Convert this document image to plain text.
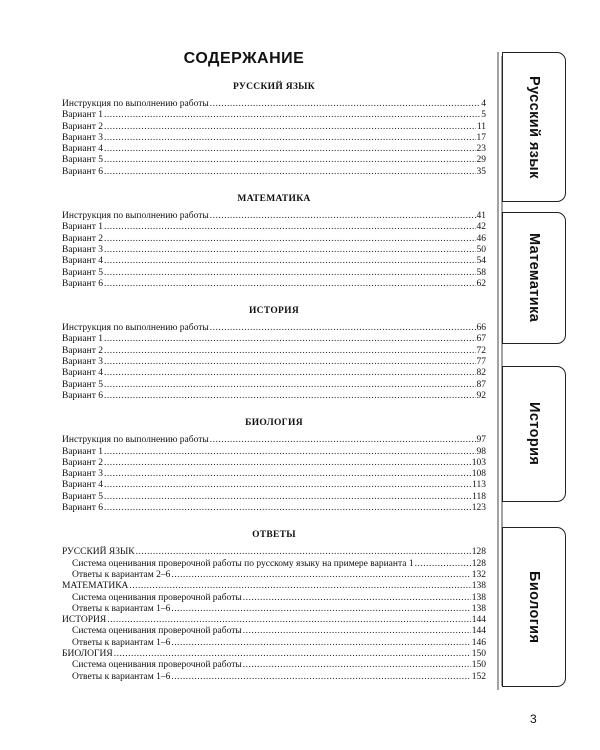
СОДЕРЖАНИЕ
РУССКИЙ ЯЗЫК
Инструкция по выполнению работы .....	4
Вариант 1 .....	5
Вариант 2 .....	11
Вариант 3 .....	17
Вариант 4 .....	23
Вариант 5 .....	29
Вариант 6 .....	35
МАТЕМАТИКА
Инструкция по выполнению работы .....	41
Вариант 1 .....	42
Вариант 2 .....	46
Вариант 3 .....	50
Вариант 4 .....	54
Вариант 5 .....	58
Вариант 6 .....	62
ИСТОРИЯ
Инструкция по выполнению работы .....	66
Вариант 1 .....	67
Вариант 2 .....	72
Вариант 3 .....	77
Вариант 4 .....	82
Вариант 5 .....	87
Вариант 6 .....	92
БИОЛОГИЯ
Инструкция по выполнению работы .....	97
Вариант 1 .....	98
Вариант 2 .....	103
Вариант 3 .....	108
Вариант 4 .....	113
Вариант 5 .....	118
Вариант 6 .....	123
ОТВЕТЫ
РУССКИЙ ЯЗЫК .....	128
Система оценивания проверочной работы по русскому языку на примере варианта 1 .....	128
Ответы к вариантам 2–6 .....	132
МАТЕМАТИКА .....	138
Система оценивания проверочной работы .....	138
Ответы к вариантам 1–6 .....	138
ИСТОРИЯ .....	144
Система оценивания проверочной работы .....	144
Ответы к вариантам 1–6 .....	146
БИОЛОГИЯ .....	150
Система оценивания проверочной работы .....	150
Ответы к вариантам 1–6 .....	152
Русский язык
Математика
История
Биология

3
